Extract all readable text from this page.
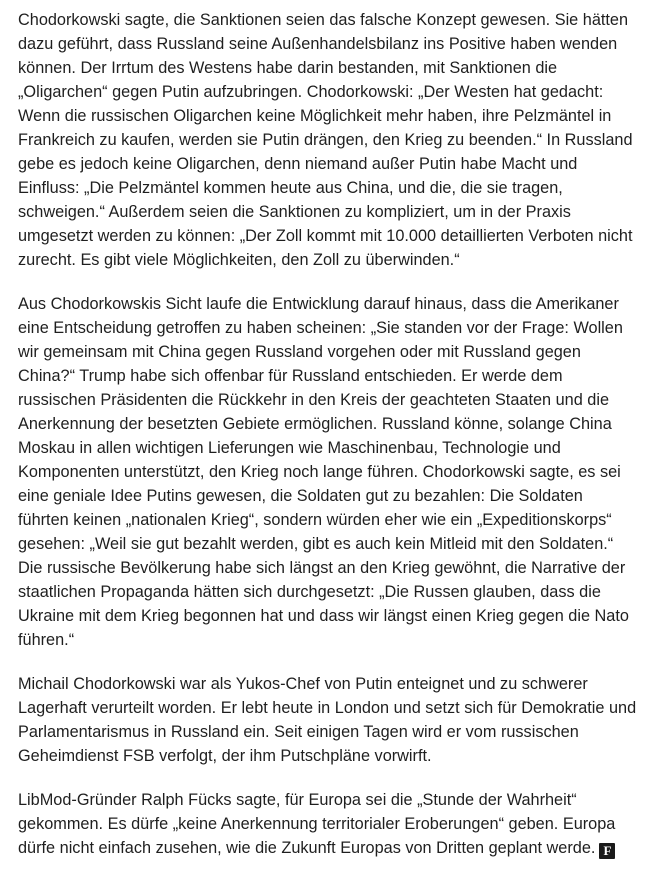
Chodorkowski sagte, die Sanktionen seien das falsche Konzept gewesen. Sie hätten dazu geführt, dass Russland seine Außenhandelsbilanz ins Positive haben wenden können. Der Irrtum des Westens habe darin bestanden, mit Sanktionen die „Oligarchen“ gegen Putin aufzubringen. Chodorkowski: „Der Westen hat gedacht: Wenn die russischen Oligarchen keine Möglichkeit mehr haben, ihre Pelzmäntel in Frankreich zu kaufen, werden sie Putin drängen, den Krieg zu beenden.“ In Russland gebe es jedoch keine Oligarchen, denn niemand außer Putin habe Macht und Einfluss: „Die Pelzmäntel kommen heute aus China, und die, die sie tragen, schweigen.“ Außerdem seien die Sanktionen zu kompliziert, um in der Praxis umgesetzt werden zu können: „Der Zoll kommt mit 10.000 detaillierten Verboten nicht zurecht. Es gibt viele Möglichkeiten, den Zoll zu überwinden.“

Aus Chodorkowskis Sicht laufe die Entwicklung darauf hinaus, dass die Amerikaner eine Entscheidung getroffen zu haben scheinen: „Sie standen vor der Frage: Wollen wir gemeinsam mit China gegen Russland vorgehen oder mit Russland gegen China?“ Trump habe sich offenbar für Russland entschieden. Er werde dem russischen Präsidenten die Rückkehr in den Kreis der geachteten Staaten und die Anerkennung der besetzten Gebiete ermöglichen. Russland könne, solange China Moskau in allen wichtigen Lieferungen wie Maschinenbau, Technologie und Komponenten unterstützt, den Krieg noch lange führen. Chodorkowski sagte, es sei eine geniale Idee Putins gewesen, die Soldaten gut zu bezahlen: Die Soldaten führten keinen „nationalen Krieg“, sondern würden eher wie ein „Expeditionskorps“ gesehen: „Weil sie gut bezahlt werden, gibt es auch kein Mitleid mit den Soldaten.“ Die russische Bevölkerung habe sich längst an den Krieg gewöhnt, die Narrative der staatlichen Propaganda hätten sich durchgesetzt: „Die Russen glauben, dass die Ukraine mit dem Krieg begonnen hat und dass wir längst einen Krieg gegen die Nato führen.“

Michail Chodorkowski war als Yukos-Chef von Putin enteignet und zu schwerer Lagerhaft verurteilt worden. Er lebt heute in London und setzt sich für Demokratie und Parlamentarismus in Russland ein. Seit einigen Tagen wird er vom russischen Geheimdienst FSB verfolgt, der ihm Putschpläne vorwirft.

LibMod-Gründer Ralph Fücks sagte, für Europa sei die „Stunde der Wahrheit“ gekommen. Es dürfe „keine Anerkennung territorialer Eroberungen“ geben. Europa dürfe nicht einfach zusehen, wie die Zukunft Europas von Dritten geplant werde. F
